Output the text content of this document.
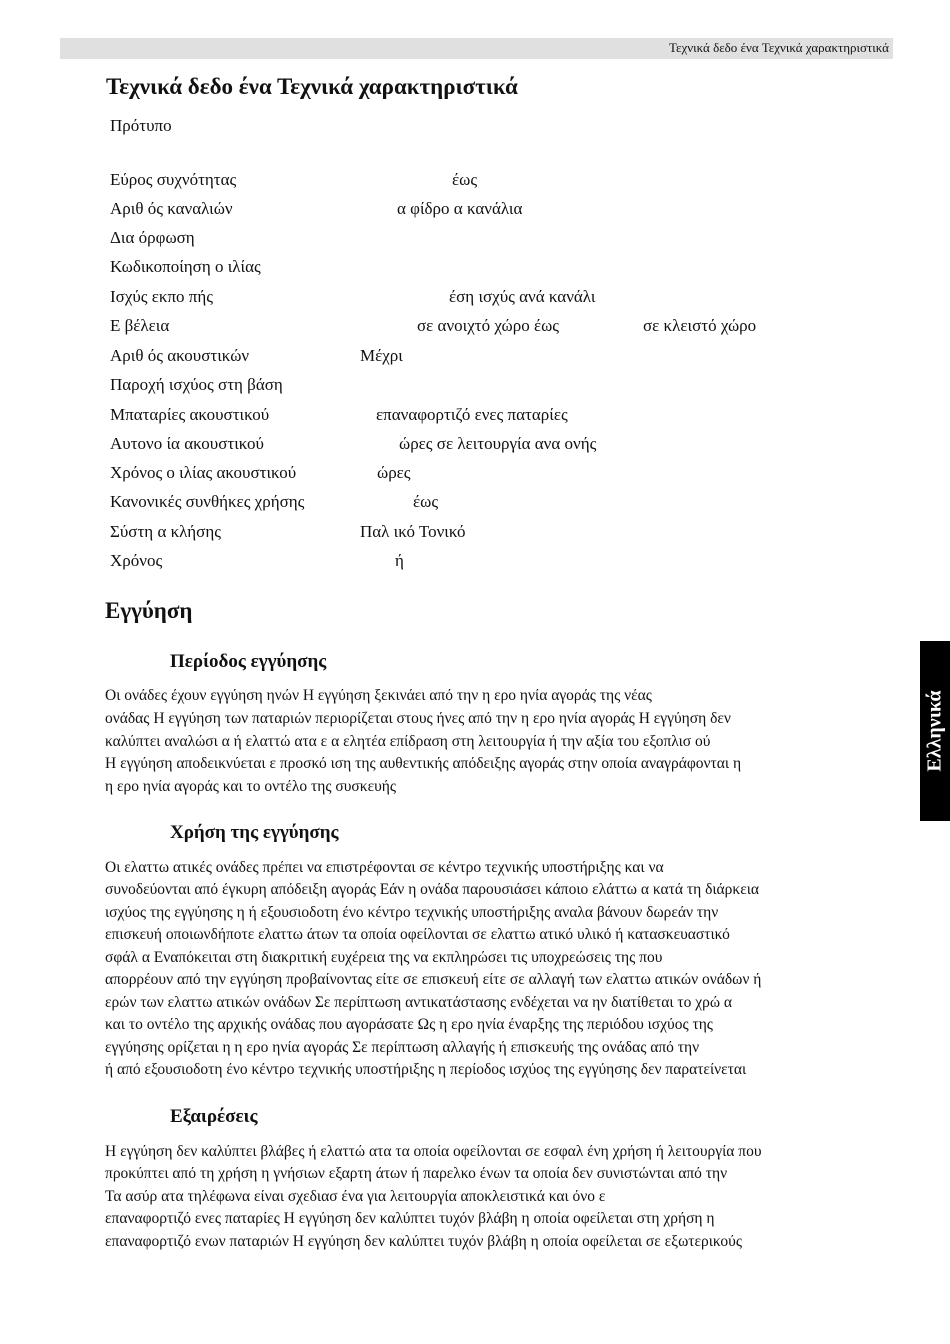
Τεχνικά δεδο ένα Τεχνικά χαρακτηριστικά
Τεχνικά δεδο ένα Τεχνικά χαρακτηριστικά
Πρότυπο
Εύρος συχνότητας	έως
Αριθ ός καναλιών	α φίδρο α κανάλια
Δια όρφωση
Κωδικοποίηση ο ιλίας
Ισχύς εκπο πής	έση ισχύς ανά κανάλι
Ε βέλεια	σε ανοιχτό χώρο έως	σε κλειστό χώρο
Αριθ ός ακουστικών	Μέχρι
Παροχή ισχύος στη βάση
Μπαταρίες ακουστικού	επαναφορτιζό ενες παταρίες
Αυτονο ία ακουστικού	ώρες σε λειτουργία ανα ονής
Χρόνος ο ιλίας ακουστικού	ώρες
Κανονικές συνθήκες χρήσης	έως
Σύστη α κλήσης	Παλ ικό Τονικό
Χρόνος	ή
Εγγύηση
Περίοδος εγγύησης
Οι ονάδες έχουν εγγύηση ηνών Η εγγύηση ξεκινάει από την η ερο ηνία αγοράς της νέας
ονάδας Η εγγύηση των παταριών περιορίζεται στους ήνες από την η ερο ηνία αγοράς Η εγγύηση δεν
καλύπτει αναλώσι α ή ελαττώ ατα ε α ελητέα επίδραση στη λειτουργία ή την αξία του εξοπλισ ού
Η εγγύηση αποδεικνύεται ε προσκό ιση της αυθεντικής απόδειξης αγοράς στην οποία αναγράφονται η
η ερο ηνία αγοράς και το οντέλο της συσκευής
Χρήση της εγγύησης
Οι ελαττω ατικές ονάδες πρέπει να επιστρέφονται σε κέντρο τεχνικής υποστήριξης και να
συνοδεύονται από έγκυρη απόδειξη αγοράς Εάν η ονάδα παρουσιάσει κάποιο ελάττω α κατά τη διάρκεια
ισχύος της εγγύησης η ή εξουσιοδοτη ένο κέντρο τεχνικής υποστήριξης αναλα βάνουν δωρεάν την
επισκευή οποιωνδήποτε ελαττω άτων τα οποία οφείλονται σε ελαττω ατικό υλικό ή κατασκευαστικό
σφάλ α Εναπόκειται στη διακριτική ευχέρεια της να εκπληρώσει τις υποχρεώσεις της που
απορρέουν από την εγγύηση προβαίνοντας είτε σε επισκευή είτε σε αλλαγή των ελαττω ατικών ονάδων ή
ερών των ελαττω ατικών ονάδων Σε περίπτωση αντικατάστασης ενδέχεται να ην διατίθεται το χρώ α
και το οντέλο της αρχικής ονάδας που αγοράσατε Ως η ερο ηνία έναρξης της περιόδου ισχύος της
εγγύησης ορίζεται η η ερο ηνία αγοράς Σε περίπτωση αλλαγής ή επισκευής της ονάδας από την
ή από εξουσιοδοτη ένο κέντρο τεχνικής υποστήριξης η περίοδος ισχύος της εγγύησης δεν παρατείνεται
Εξαιρέσεις
Η εγγύηση δεν καλύπτει βλάβες ή ελαττώ ατα τα οποία οφείλονται σε εσφαλ ένη χρήση ή λειτουργία που
προκύπτει από τη χρήση η γνήσιων εξαρτη άτων ή παρελκο ένων τα οποία δεν συνιστώνται από την
Τα ασύρ ατα τηλέφωνα είναι σχεδιασ ένα για λειτουργία αποκλειστικά και όνο ε
επαναφορτιζό ενες παταρίες Η εγγύηση δεν καλύπτει τυχόν βλάβη η οποία οφείλεται στη χρήση η
επαναφορτιζό ενων παταριών Η εγγύηση δεν καλύπτει τυχόν βλάβη η οποία οφείλεται σε εξωτερικούς
Ελληνικά
